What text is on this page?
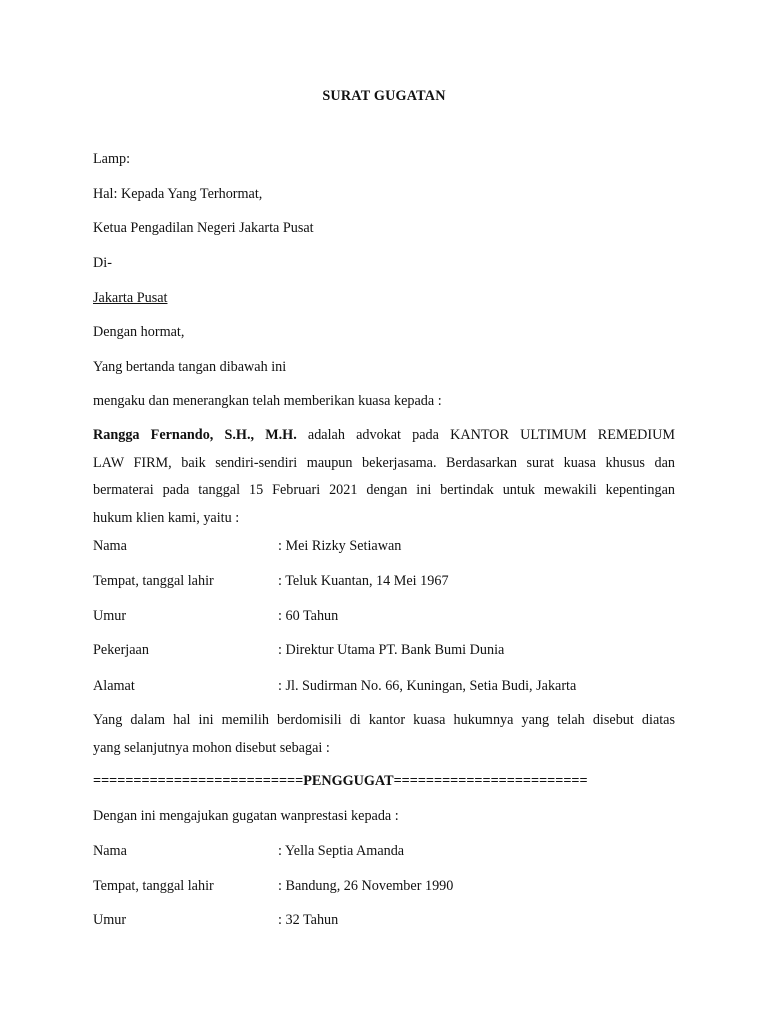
SURAT GUGATAN
Lamp:
Hal: Kepada Yang Terhormat,
Ketua Pengadilan Negeri Jakarta Pusat
Di-
Jakarta Pusat
Dengan hormat,
Yang bertanda tangan dibawah ini
mengaku dan menerangkan telah memberikan kuasa kepada :
Rangga Fernando, S.H., M.H. adalah advokat pada KANTOR ULTIMUM REMEDIUM
LAW FIRM, baik sendiri-sendiri maupun bekerjasama. Berdasarkan surat kuasa khusus dan
bermaterai pada tanggal 15 Februari 2021 dengan ini bertindak untuk mewakili kepentingan
hukum klien kami, yaitu :
Nama	: Mei Rizky Setiawan
Tempat, tanggal lahir	: Teluk Kuantan, 14 Mei 1967
Umur	: 60 Tahun
Pekerjaan	: Direktur Utama PT. Bank Bumi Dunia
Alamat	: Jl. Sudirman No. 66, Kuningan, Setia Budi, Jakarta
Yang dalam hal ini memilih berdomisili di kantor kuasa hukumnya yang telah disebut diatas
yang selanjutnya mohon disebut sebagai :
==========================PENGGUGAT========================
Dengan ini mengajukan gugatan wanprestasi kepada :
Nama	: Yella Septia Amanda
Tempat, tanggal lahir	: Bandung, 26 November 1990
Umur	: 32 Tahun
